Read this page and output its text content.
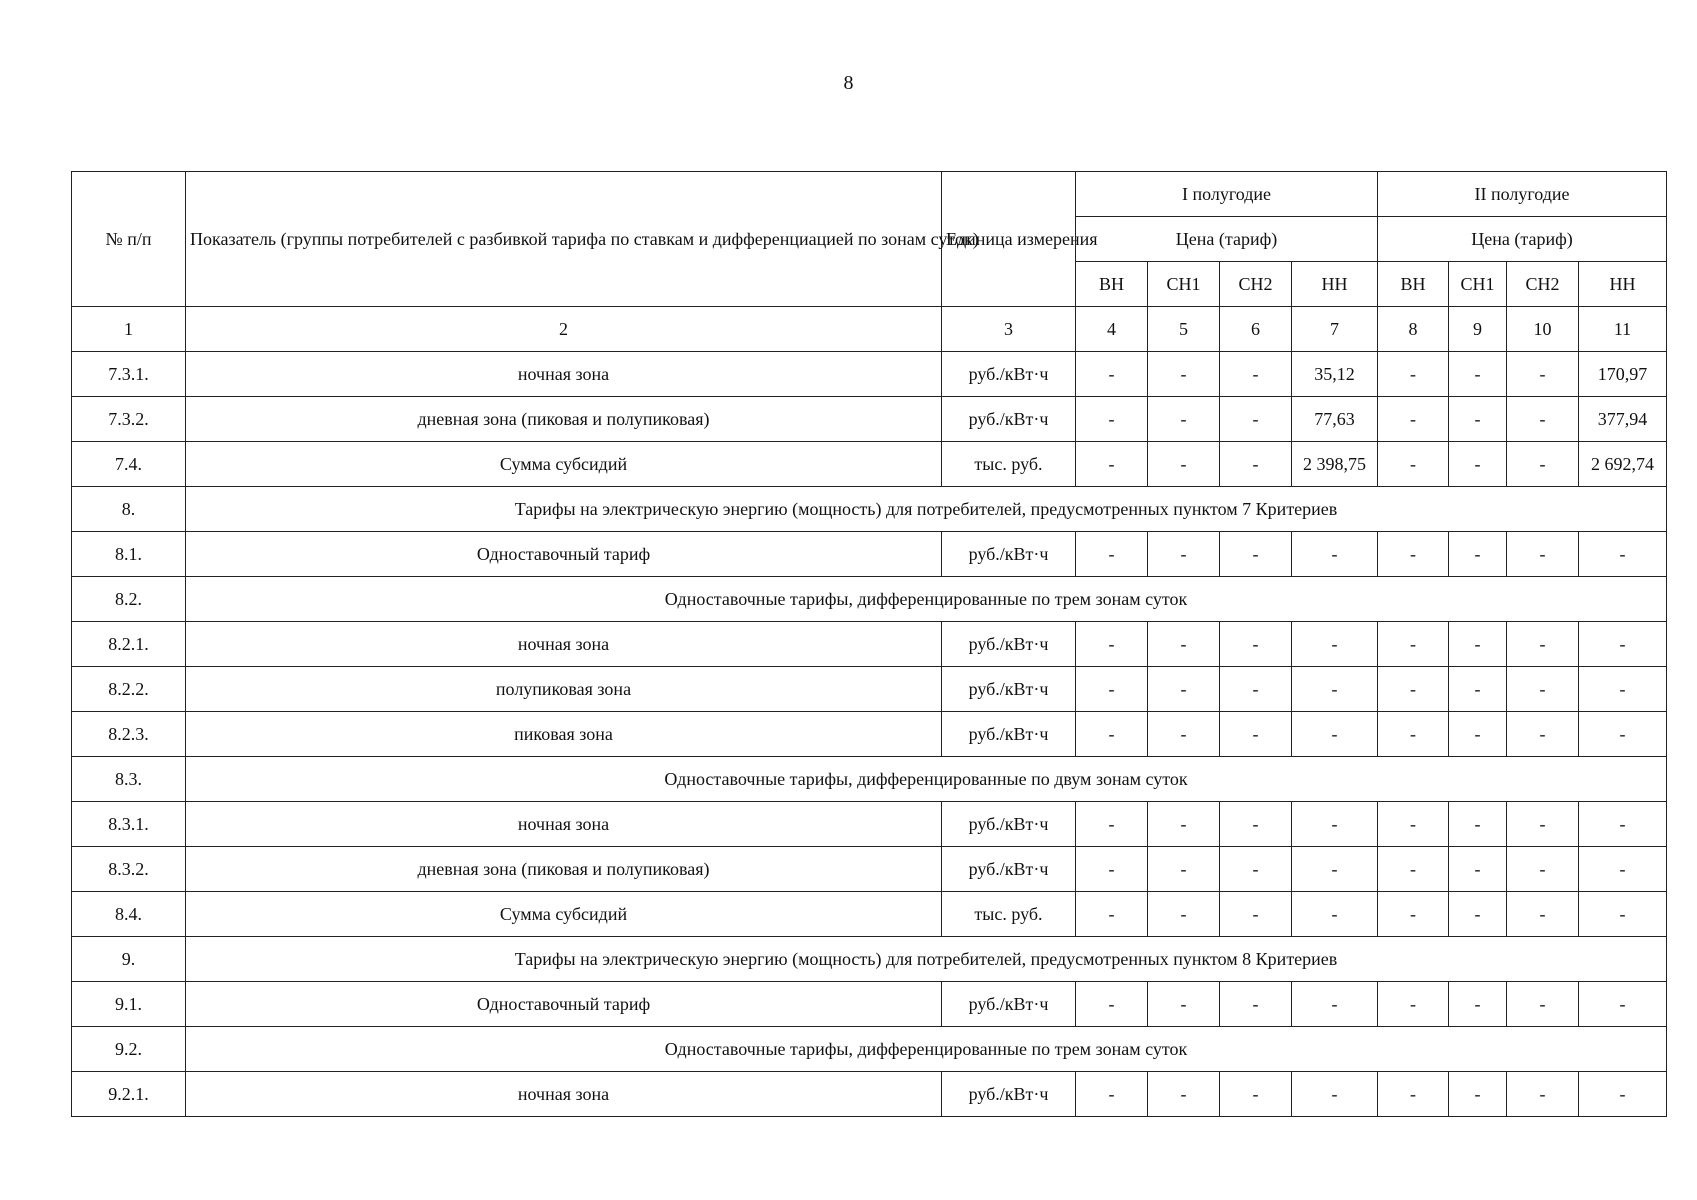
8
№ п/п	Показатель (группы потребителей с разбивкой тарифа по ставкам и дифференциацией по зонам суток)	Единица измерения	I полугодие				II полугодие			
			Цена (тариф)				Цена (тариф)			
			ВН	СН1	СН2	НН	ВН	СН1	СН2	НН
1	2	3	4	5	6	7	8	9	10	11
7.3.1.	ночная зона	руб./кВт·ч	-	-	-	35,12	-	-	-	170,97
7.3.2.	дневная зона (пиковая и полупиковая)	руб./кВт·ч	-	-	-	77,63	-	-	-	377,94
7.4.	Сумма субсидий	тыс. руб.	-	-	-	2 398,75	-	-	-	2 692,74
8.	Тарифы на электрическую энергию (мощность) для потребителей, предусмотренных пунктом 7 Критериев									
8.1.	Одноставочный тариф	руб./кВт·ч	-	-	-	-	-	-	-	-
8.2.	Одноставочные тарифы, дифференцированные по трем зонам суток									
8.2.1.	ночная зона	руб./кВт·ч	-	-	-	-	-	-	-	-
8.2.2.	полупиковая зона	руб./кВт·ч	-	-	-	-	-	-	-	-
8.2.3.	пиковая зона	руб./кВт·ч	-	-	-	-	-	-	-	-
8.3.	Одноставочные тарифы, дифференцированные по двум зонам суток									
8.3.1.	ночная зона	руб./кВт·ч	-	-	-	-	-	-	-	-
8.3.2.	дневная зона (пиковая и полупиковая)	руб./кВт·ч	-	-	-	-	-	-	-	-
8.4.	Сумма субсидий	тыс. руб.	-	-	-	-	-	-	-	-
9.	Тарифы на электрическую энергию (мощность) для потребителей, предусмотренных пунктом 8 Критериев									
9.1.	Одноставочный тариф	руб./кВт·ч	-	-	-	-	-	-	-	-
9.2.	Одноставочные тарифы, дифференцированные по трем зонам суток									
9.2.1.	ночная зона	руб./кВт·ч	-	-	-	-	-	-	-	-
